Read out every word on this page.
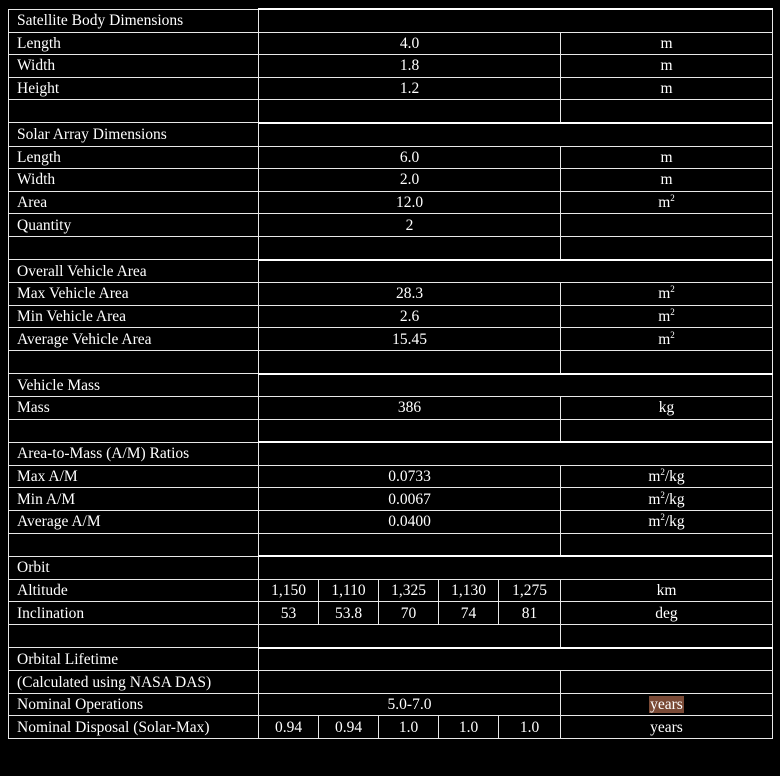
Satellite Body Dimensions						
Length	4.0					m
Width	1.8					m
Height	1.2					m

Solar Array Dimensions						
Length	6.0					m
Width	2.0					m
Area	12.0					$m^2$
Quantity	2					

Overall Vehicle Area						
Max Vehicle Area	28.3					$m^2$
Min Vehicle Area	2.6					$m^2$
Average Vehicle Area	15.45					$m^2$

Vehicle Mass						
Mass	386					kg

Area-to-Mass (A/M) Ratios						
Max A/M	0.0733					$m^2/kg$
Min A/M	0.0067					$m^2/kg$
Average A/M	0.0400					$m^2/kg$

Orbit						
Altitude	1,150	1,110	1,325	1,130	1,275	km
Inclination	53	53.8	70	74	81	deg

Orbital Lifetime						
(Calculated using NASA DAS)						
Nominal Operations	5.0-7.0					years
Nominal Disposal (Solar-Max)	0.94	0.94	1.0	1.0	1.0	years
